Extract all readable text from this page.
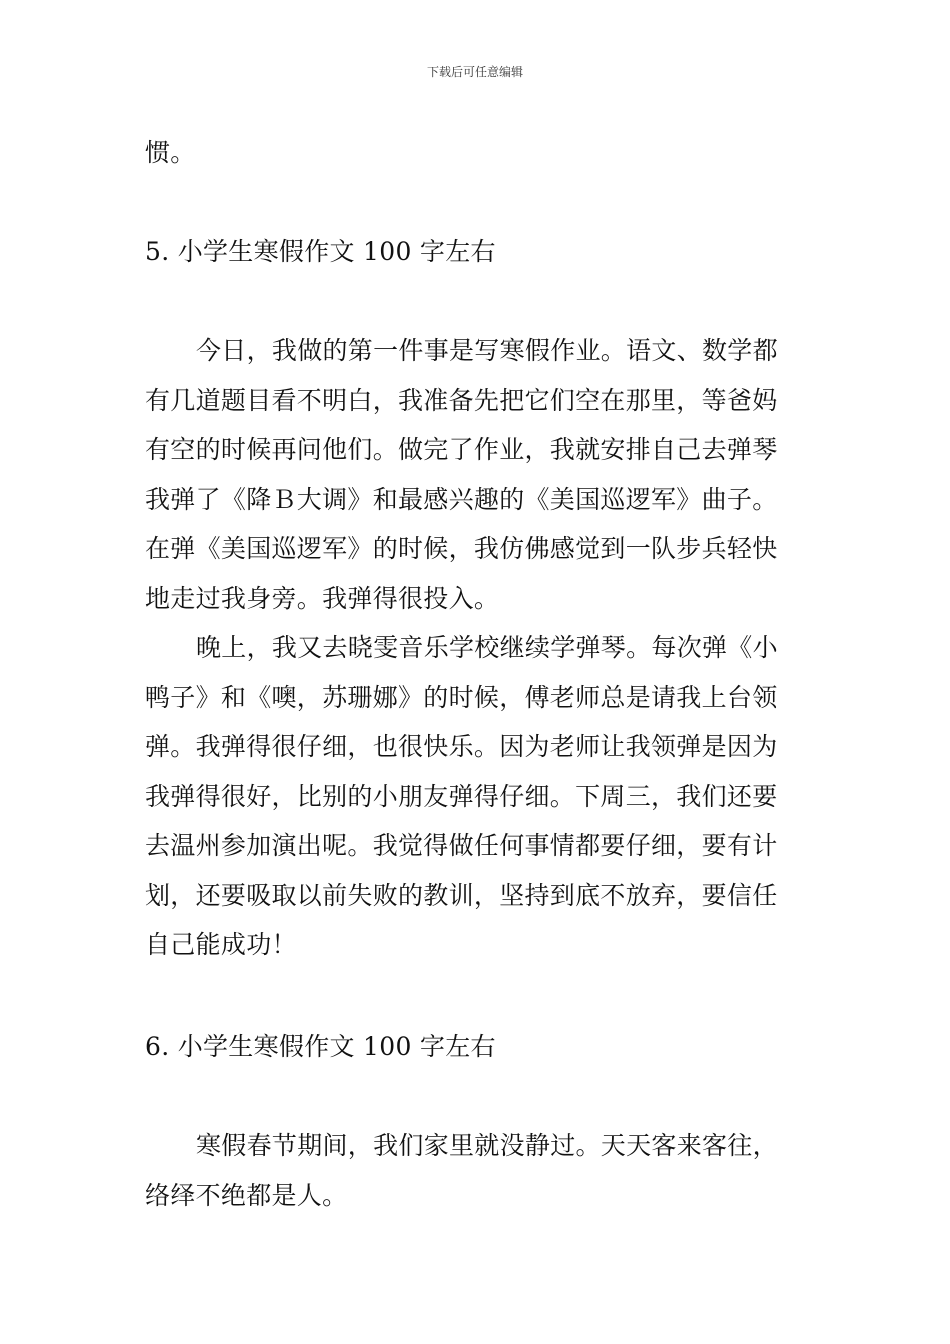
下载后可任意编辑
惯。
5. 小学生寒假作文 100 字左右
今日，我做的第一件事是写寒假作业。语文、数学都
有几道题目看不明白，我准备先把它们空在那里，等爸妈
有空的时候再问他们。做完了作业，我就安排自己去弹琴
我弹了《降Ｂ大调》和最感兴趣的《美国巡逻军》曲子。
在弹《美国巡逻军》的时候，我仿佛感觉到一队步兵轻快
地走过我身旁。我弹得很投入。
晚上，我又去晓雯音乐学校继续学弹琴。每次弹《小
鸭子》和《噢，苏珊娜》的时候，傅老师总是请我上台领
弹。我弹得很仔细，也很快乐。因为老师让我领弹是因为
我弹得很好，比别的小朋友弹得仔细。下周三，我们还要
去温州参加演出呢。我觉得做任何事情都要仔细，要有计
划，还要吸取以前失败的教训，坚持到底不放弃，要信任
自己能成功！
6. 小学生寒假作文 100 字左右
寒假春节期间，我们家里就没静过。天天客来客往，
络绎不绝都是人。
